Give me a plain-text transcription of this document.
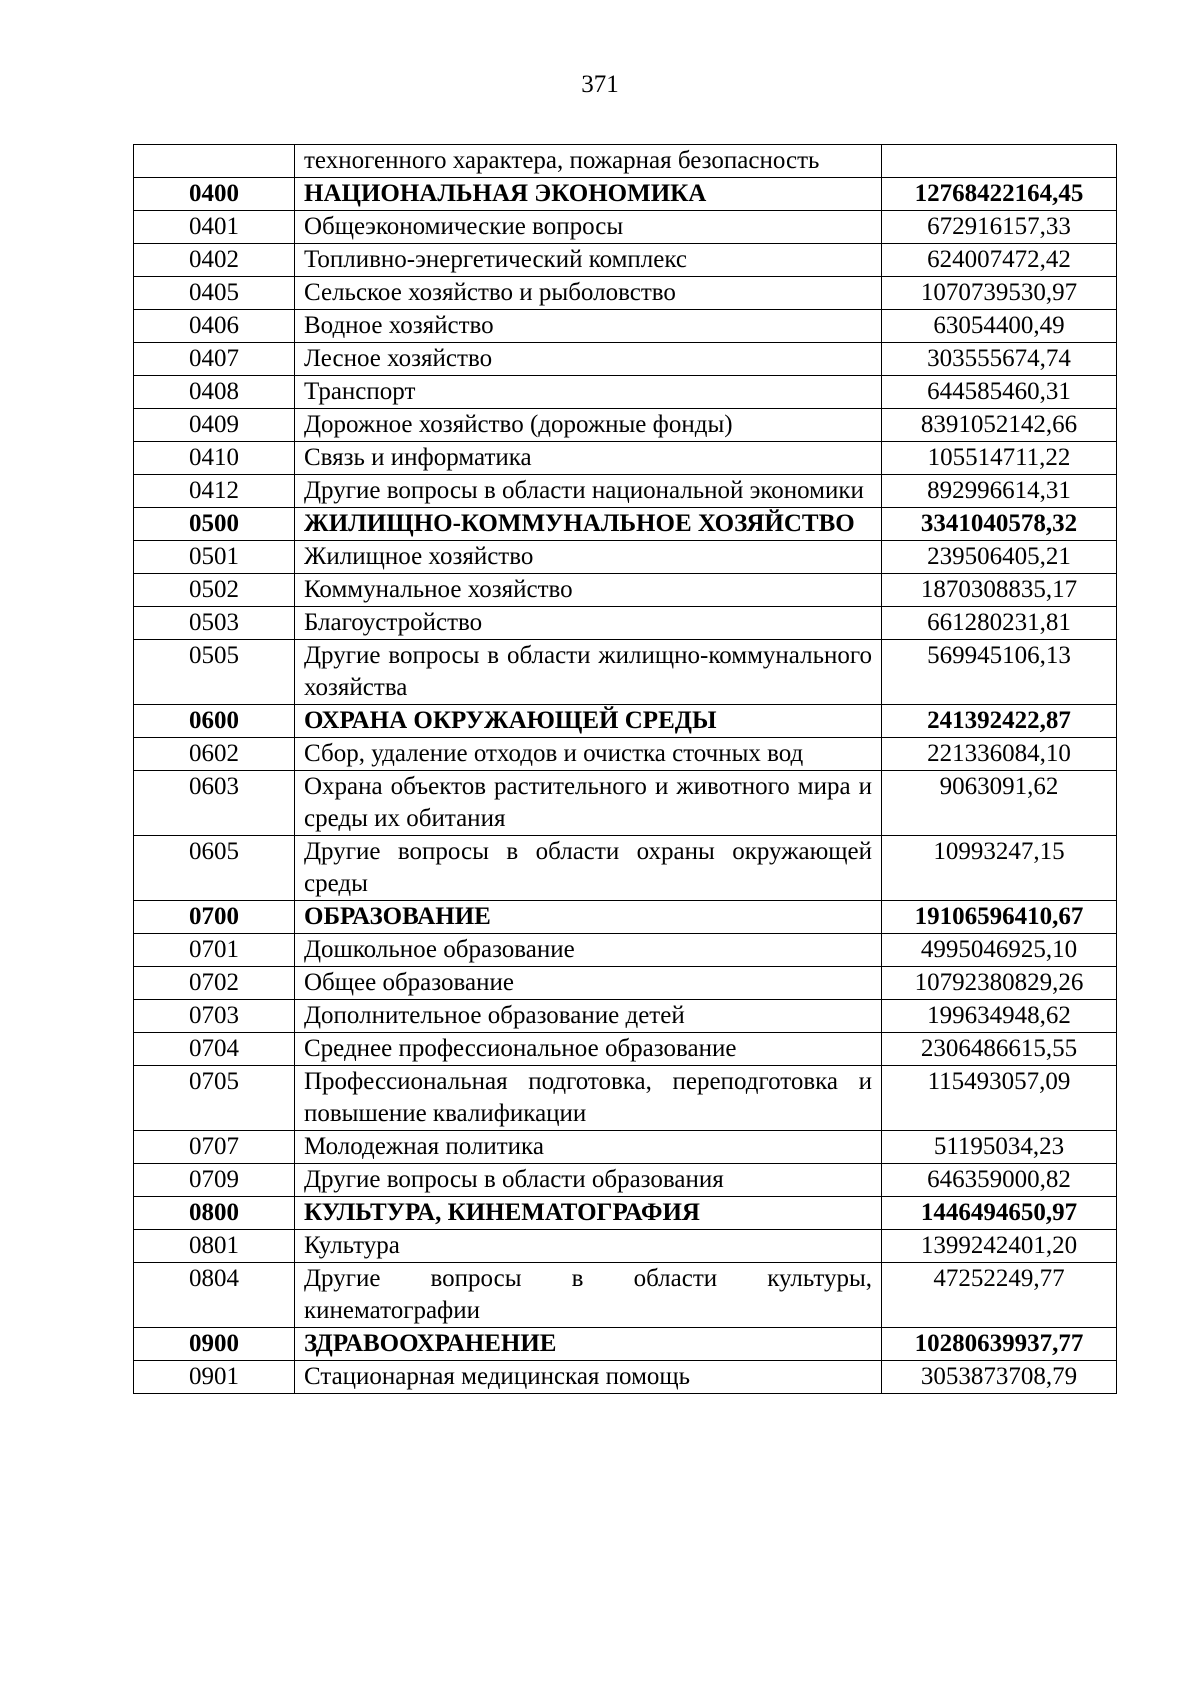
371
	техногенного характера, пожарная безопасность	
0400	НАЦИОНАЛЬНАЯ ЭКОНОМИКА	12768422164,45
0401	Общеэкономические вопросы	672916157,33
0402	Топливно-энергетический комплекс	624007472,42
0405	Сельское хозяйство и рыболовство	1070739530,97
0406	Водное хозяйство	63054400,49
0407	Лесное хозяйство	303555674,74
0408	Транспорт	644585460,31
0409	Дорожное хозяйство (дорожные фонды)	8391052142,66
0410	Связь и информатика	105514711,22
0412	Другие вопросы в области национальной экономики	892996614,31
0500	ЖИЛИЩНО-КОММУНАЛЬНОЕ ХОЗЯЙСТВО	3341040578,32
0501	Жилищное хозяйство	239506405,21
0502	Коммунальное хозяйство	1870308835,17
0503	Благоустройство	661280231,81
0505	Другие вопросы в области жилищно-коммунального хозяйства	569945106,13
0600	ОХРАНА ОКРУЖАЮЩЕЙ СРЕДЫ	241392422,87
0602	Сбор, удаление отходов и очистка сточных вод	221336084,10
0603	Охрана объектов растительного и животного мира и среды их обитания	9063091,62
0605	Другие вопросы в области охраны окружающей среды	10993247,15
0700	ОБРАЗОВАНИЕ	19106596410,67
0701	Дошкольное образование	4995046925,10
0702	Общее образование	10792380829,26
0703	Дополнительное образование детей	199634948,62
0704	Среднее профессиональное образование	2306486615,55
0705	Профессиональная подготовка, переподготовка и повышение квалификации	115493057,09
0707	Молодежная политика	51195034,23
0709	Другие вопросы в области образования	646359000,82
0800	КУЛЬТУРА, КИНЕМАТОГРАФИЯ	1446494650,97
0801	Культура	1399242401,20
0804	Другие вопросы в области культуры, кинематографии	47252249,77
0900	ЗДРАВООХРАНЕНИЕ	10280639937,77
0901	Стационарная медицинская помощь	3053873708,79
